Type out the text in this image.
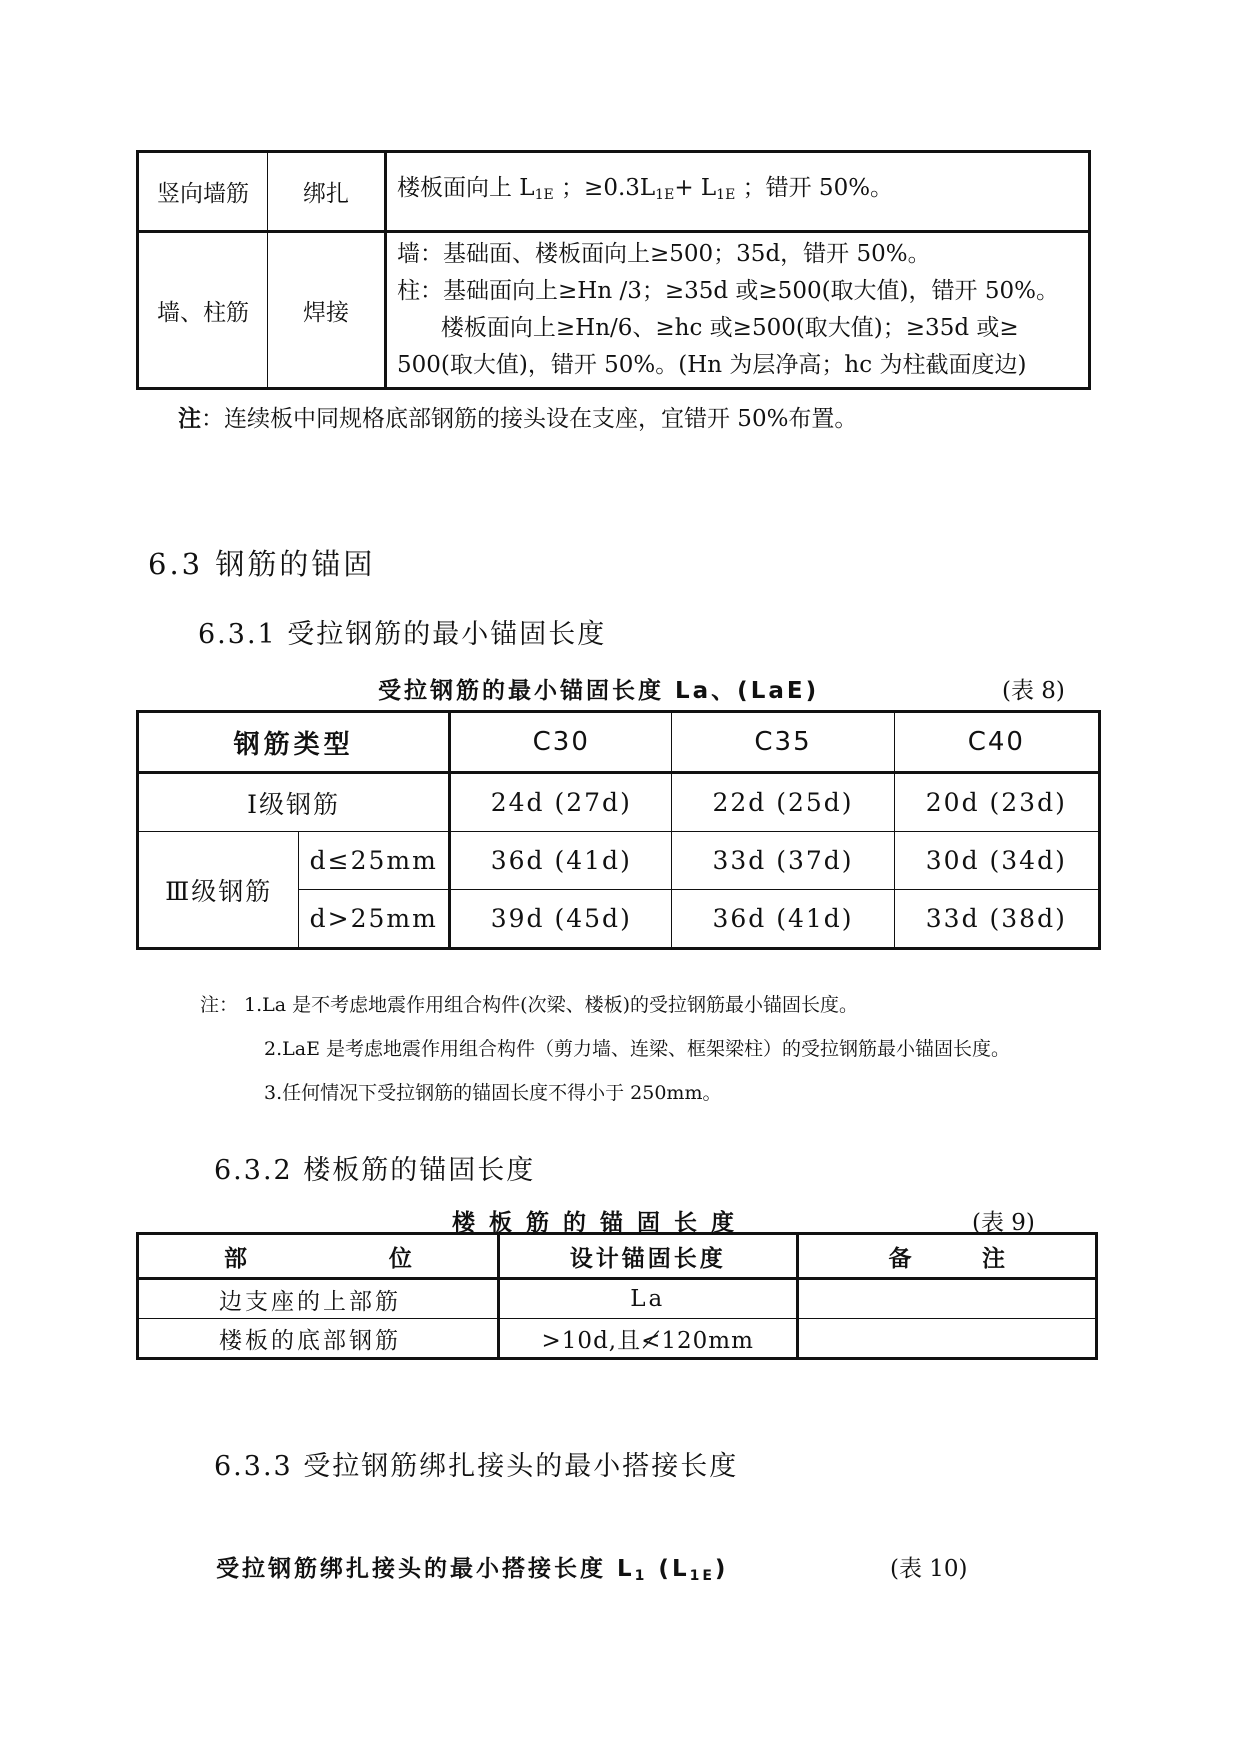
竖向墙筋	绑扎	楼板面向上 $L_{1E}$ ；$\ge 0.3L_{1E}+ L_{1E}$ ；错开 50%。

墙、柱筋	焊接	墙：基础面、楼板面向上≥500；35d，错开 50%。
柱：基础面向上≥Hn /3；≥35d 或≥500(取大值)，错开 50%。
楼板面向上≥Hn/6、≥hc 或≥500(取大值)；≥35d 或≥
500(取大值)，错开 50%。(Hn 为层净高；hc 为柱截面度边)
注：连续板中同规格底部钢筋的接头设在支座，宜错开 50%布置。
6.3 钢筋的锚固
6.3.1 受拉钢筋的最小锚固长度
受拉钢筋的最小锚固长度 La、(LaE)	(表 8)
钢筋类型		C30	C35	C40
Ⅰ级钢筋		24d (27d)	22d (25d)	20d (23d)
Ⅲ级钢筋	d≤25mm	36d (41d)	33d (37d)	30d (34d)
	d>25mm	39d (45d)	36d (41d)	33d (38d)
注： 1.La 是不考虑地震作用组合构件(次梁、楼板)的受拉钢筋最小锚固长度。
2.LaE 是考虑地震作用组合构件（剪力墙、连梁、框架梁柱）的受拉钢筋最小锚固长度。
3.任何情况下受拉钢筋的锚固长度不得小于 250mm。
6.3.2 楼板筋的锚固长度
楼 板 筋 的 锚 固 长 度	(表 9)
部 位	设计锚固长度	备 注

边支座的上部筋	La	
楼板的底部钢筋	>10d,且≮120mm	
6.3.3 受拉钢筋绑扎接头的最小搭接长度
受拉钢筋绑扎接头的最小搭接长度 $L_1$ $(L_{1E})$	(表 10)
